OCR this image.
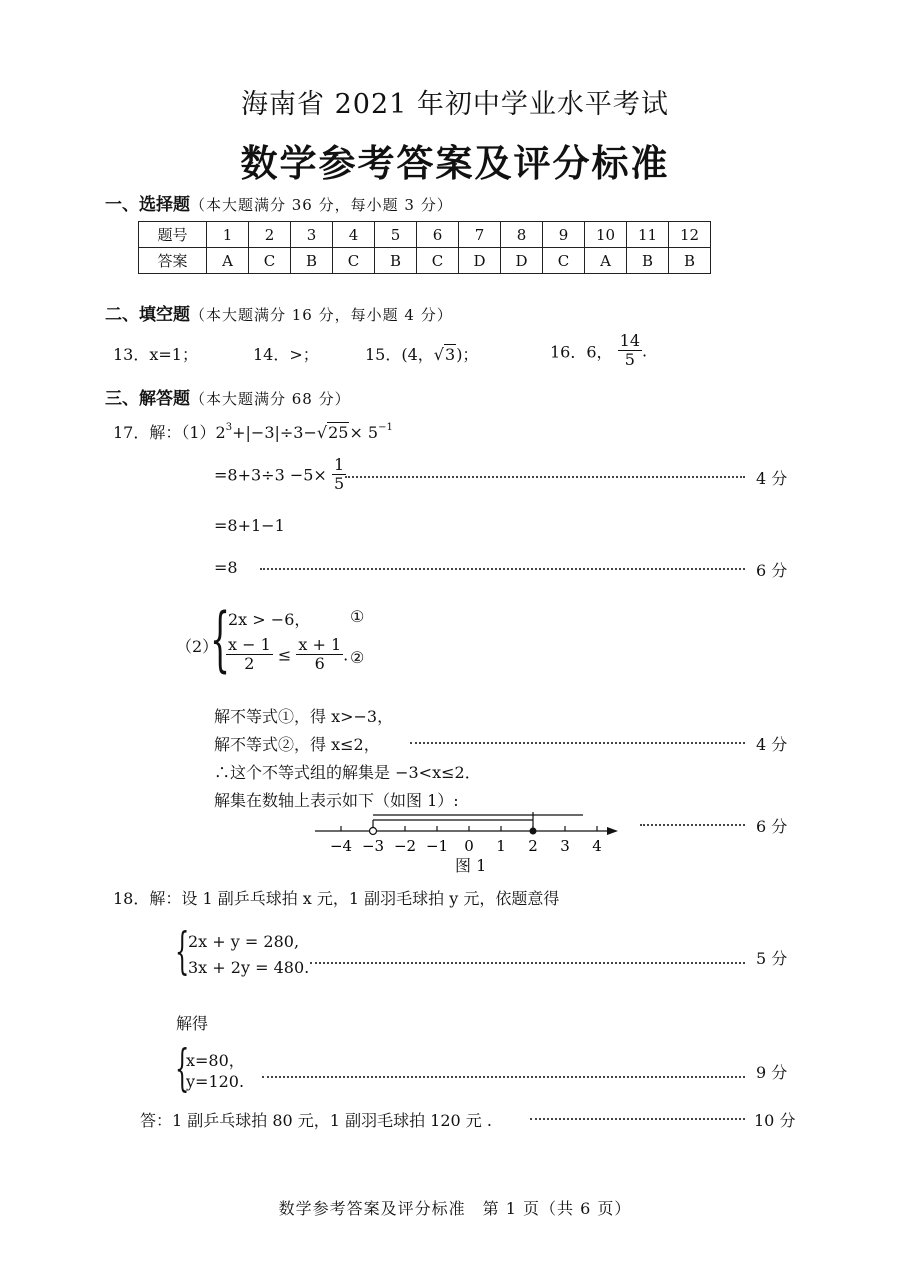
海南省 2021 年初中学业水平考试
数学参考答案及评分标准
一、选择题（本大题满分 36 分，每小题 3 分）
题号	1	2	3	4	5	6	7	8	9	10	11	12
答案	A	C	B	C	B	C	D	D	C	A	B	B
二、填空题（本大题满分 16 分，每小题 4 分）
13．x=1；	14．>；	15．(4，√3)；	16．6， $\frac{14}{5}$ .
三、解答题（本大题满分 68 分）
17．解：$(1)2^3+|-3|\div 3-√25\times 5^{-1}$
$=8+3\div 3 -5\times \frac{1}{5}$	4 分
=8+1−1
=8	6 分
（2）
{
2x > −6， ①
$\frac{x - 1}{2} \le \frac{x + 1}{6}$ . ②
解不等式①，得 x>−3，
解不等式②，得 x≤2，	4 分
∴这个不等式组的解集是 −3<x≤2．
解集在数轴上表示如下（如图 1）:
−4 −3 −2 −1 0 1 2 3 4
6 分
图 1
18．解：设 1 副乒乓球拍 x 元，1 副羽毛球拍 y 元，依题意得
{
2x + y = 280,
3x + 2y = 480.	5 分
解得
{
x=80，
y=120.	9 分
答：1 副乒乓球拍 80 元，1 副羽毛球拍 120 元 .	10 分
数学参考答案及评分标准　第 1 页（共 6 页）
